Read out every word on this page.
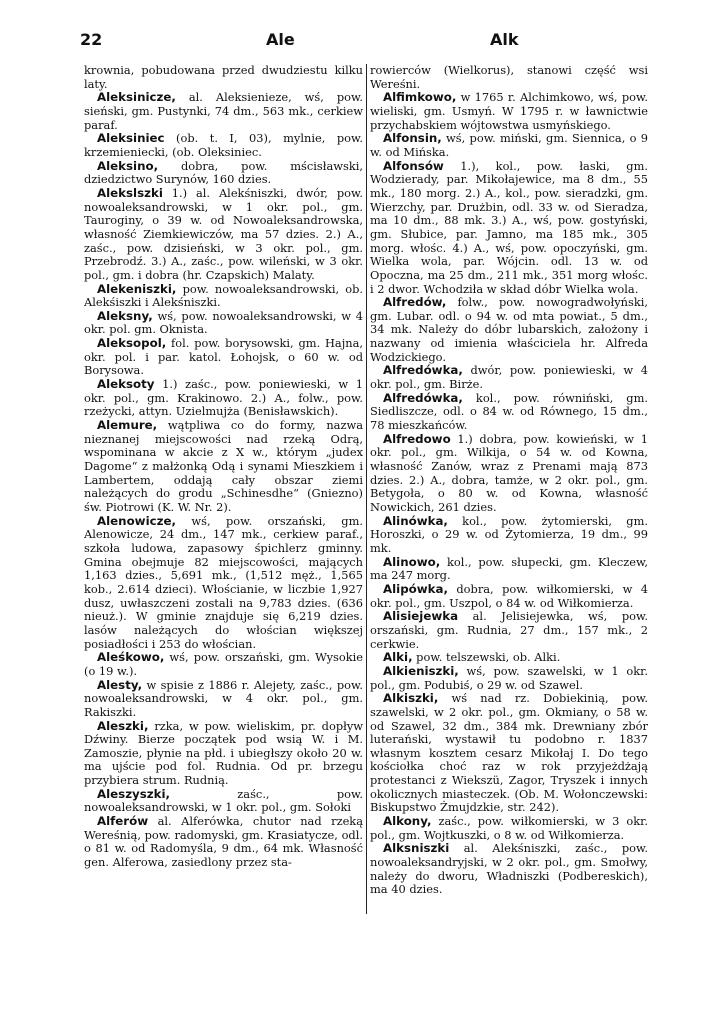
22	Ale	Alk

krownia, pobudowana przed dwudziestu kilku laty.

Aleksinicze, al. Aleksienieze, wś, pow. sieński, gm. Pustynki, 74 dm., 563 mk., cerkiew paraf.

Aleksiniec (ob. t. I, 03), mylnie, pow. krzemieniecki, (ob. Oleksiniec.

Aleksino, dobra, pow. mścisławski, dziedzictwo Surynów, 160 dzies.

Alekslszki 1.) al. Alekśniszki, dwór, pow. nowoaleksandrowski, w 1 okr. pol., gm. Tauroginy, o 39 w. od Nowoaleksandrowska, własność Ziemkiewiczów, ma 57 dzies. 2.) A., zaśc., pow. dzisieński, w 3 okr. pol., gm. Przebrodź. 3.) A., zaśc., pow. wileński, w 3 okr. pol., gm. i dobra (hr. Czapskich) Malaty.

Alekeniszki, pow. nowoaleksandrowski, ob. Alekśiszki i Alekśniszki.

Aleksny, wś, pow. nowoaleksandrowski, w 4 okr. pol. gm. Oknista.

Aleksopol, fol. pow. borysowski, gm. Hajna, okr. pol. i par. katol. Łohojsk, o 60 w. od Borysowa.

Aleksoty 1.) zaśc., pow. poniewieski, w 1 okr. pol., gm. Krakinowo. 2.) A., folw., pow. rzeżycki, attyn. Uzielmujża (Benisławskich).

Alemure, wątpliwa co do formy, nazwa nieznanej miejscowości nad rzeką Odrą, wspominana w akcie z X w., którym „judex Dagome“ z małżonką Odą i synami Mieszkiem i Lambertem, oddają cały obszar ziemi należących do grodu „Schinesdhe“ (Gniezno) św. Piotrowi (K. W. Nr. 2).

Alenowicze, wś, pow. orszański, gm. Alenowicze, 24 dm., 147 mk., cerkiew paraf., szkoła ludowa, zapasowy śpichlerz gminny. Gmina obejmuje 82 miejscowości, mających 1,163 dzies., 5,691 mk., (1,512 męż., 1,565 kob., 2.614 dzieci). Włościanie, w liczbie 1,927 dusz, uwłaszczeni zostali na 9,783 dzies. (636 nieuż.). W gminie znajduje się 6,219 dzies. lasów należących do włościan większej posiadłości i 253 do włościan.

Aleśkowo, wś, pow. orszański, gm. Wysokie (o 19 w.).

Alesty, w spisie z 1886 r. Alejety, zaśc., pow. nowoaleksandrowski, w 4 okr. pol., gm. Rakiszki.

Aleszki, rzka, w pow. wieliskim, pr. dopływ Dźwiny. Bierze początek pod wsią W. i M. Zamoszie, płynie na płd. i ubiegłszy około 20 w. ma ujście pod fol. Rudnia. Od pr. brzegu przybiera strum. Rudnią.

Aleszyszki,	zaśc., pow. nowoaleksandrowski, w 1 okr. pol., gm. Sołoki

Alferów al. Alferówka, chutor nad rzeką Wereśnią, pow. radomyski, gm. Krasiatycze, odl. o 81 w. od Radomyśla, 9 dm., 64 mk. Własność gen. Alferowa, zasiedlony przez sta-

rowierców (Wielkorus), stanowi część wsi Wereśni.

Alfimkowo, w 1765 r. Alchimkowo, wś, pow. wieliski, gm. Usmyń. W 1795 r. w ławnictwie przychabskiem wójtowstwa usmyńskiego.

Alfonsin, wś, pow. miński, gm. Siennica, o 9 w. od Mińska.

Alfonsów 1.), kol., pow. łaski, gm. Wodzierady, par. Mikołajewice, ma 8 dm., 55 mk., 180 morg. 2.) A., kol., pow. sieradzki, gm. Wierzchy, par. Drużbin, odl. 33 w. od Sieradza, ma 10 dm., 88 mk. 3.) A., wś, pow. gostyński, gm. Słubice, par. Jamno, ma 185 mk., 305 morg. włośc. 4.) A., wś, pow. opoczyński, gm. Wielka wola, par. Wójcin. odl. 13 w. od Opoczna, ma 25 dm., 211 mk., 351 morg włośc. i 2 dwor. Wchodziła w skład dóbr Wielka wola.

Alfredów, folw., pow. nowogradwołyński, gm. Lubar. odl. o 94 w. od mta powiat., 5 dm., 34 mk. Należy do dóbr lubarskich, założony i nazwany od imienia właściciela hr. Alfreda Wodzickiego.

Alfredówka, dwór, pow. poniewieski, w 4 okr. pol., gm. Birże.

Alfredówka, kol., pow. równiński, gm. Siedliszcze, odl. o 84 w. od Równego, 15 dm., 78 mieszkańców.

Alfredowo 1.) dobra, pow. kowieński, w 1 okr. pol., gm. Wilkija, o 54 w. od Kowna, własność Zanów, wraz z Prenami mają 873 dzies. 2.) A., dobra, tamże, w 2 okr. pol., gm. Betygoła, o 80 w. od Kowna, własność Nowickich, 261 dzies.

Alinówka, kol., pow. żytomierski, gm. Horoszki, o 29 w. od Żytomierza, 19 dm., 99 mk.

Alinowo, kol., pow. słupecki, gm. Kleczew, ma 247 morg.

Alipówka, dobra, pow. wiłkomierski, w 4 okr. pol., gm. Uszpol, o 84 w. od Wiłkomierza.

Alisiejewka al. Jelisiejewka, wś, pow. orszański, gm. Rudnia, 27 dm., 157 mk., 2 cerkwie.

Alki, pow. telszewski, ob. Alki.

Alkieniszki, wś, pow. szawelski, w 1 okr. pol., gm. Podubiś, o 29 w. od Szawel.

Alkiszki, wś nad rz. Dobiekinią, pow. szawelski, w 2 okr. pol., gm. Okmiany, o 58 w. od Szawel, 32 dm., 384 mk. Drewniany zbór luterański, wystawił tu podobno r. 1837 własnym kosztem cesarz Mikołaj I. Do tego kościołka choć raz w rok przyjeżdżają protestanci z Wiekszü, Zagor, Tryszek i innych okolicznych miasteczek. (Ob. M. Wołonczewski: Biskupstwo Żmujdzkie, str. 242).

Alkony, zaśc., pow. wiłkomierski, w 3 okr. pol., gm. Wojtkuszki, o 8 w. od Wiłkomierza.

Alksniszki al. Alekśniszki, zaśc., pow. nowoaleksandryjski, w 2 okr. pol., gm. Smołwy, należy do dworu, Władniszki (Podbereskich), ma 40 dzies.
